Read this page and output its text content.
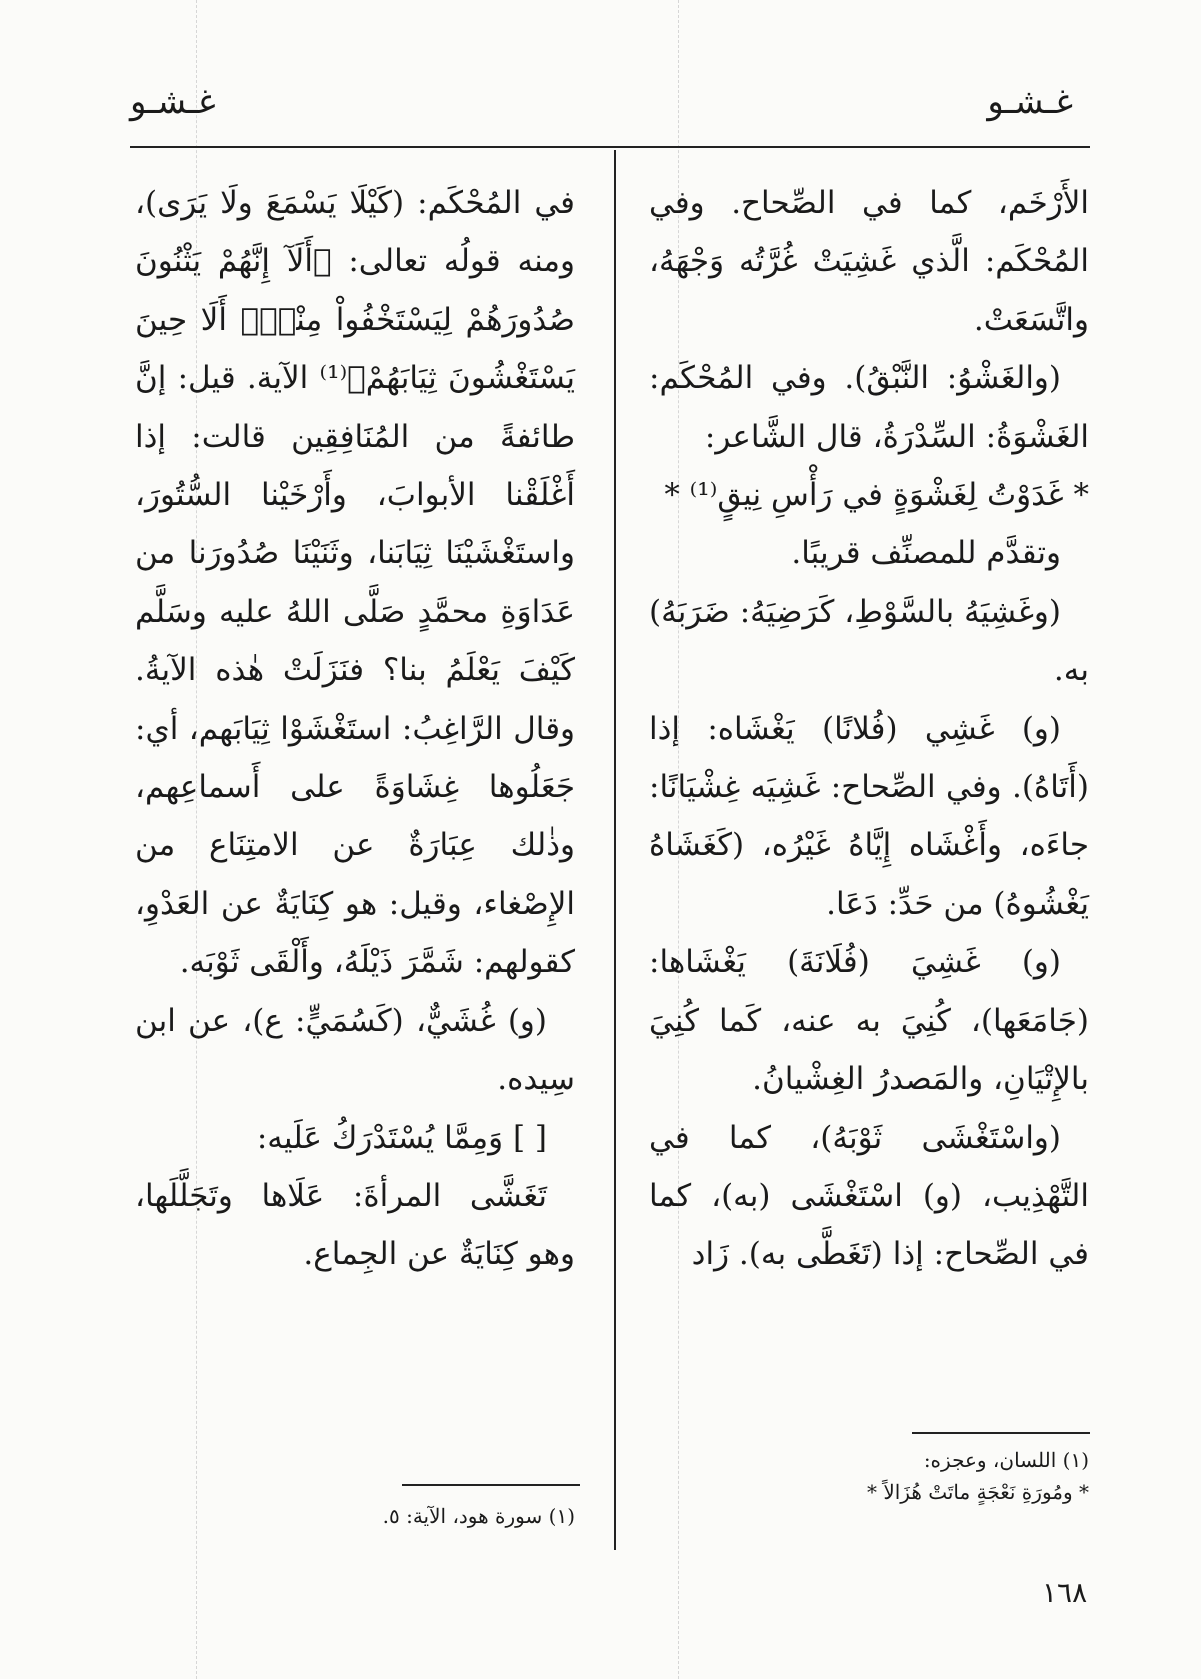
غـشـو
غـشـو

الأَرْخَم، كما في الصِّحاح. وفي المُحْكَم: الَّذي غَشِيَتْ غُرَّتُه وَجْهَهُ، واتَّسَعَتْ.

(والغَشْوُ: النَّبْقُ). وفي المُحْكَم: الغَشْوَةُ: السِّدْرَةُ، قال الشَّاعر:

* غَدَوْتُ لِغَشْوَةٍ في رَأْسِ نِيقٍ⁽¹⁾ *

وتقدَّم للمصنِّف قريبًا.

(وغَشِيَهُ بالسَّوْطِ، كَرَضِيَهُ: ضَرَبَهُ) به.

(و) غَشِي (فُلانًا) يَغْشَاه: إذا (أَتَاهُ). وفي الصِّحاح: غَشِيَه غِشْيَانًا: جاءَه، وأَغْشَاه إِيَّاهُ غَيْرُه، (كَغَشَاهُ يَغْشُوهُ) من حَدِّ: دَعَا.

(و) غَشِيَ (فُلَانَةَ) يَغْشَاها: (جَامَعَها)، كُنِيَ به عنه، كَما كُنِيَ بالإِتْيَانِ، والمَصدرُ الغِشْيانُ.

(واسْتَغْشَى ثَوْبَهُ)، كما في التَّهْذِيب، (و) اسْتَغْشَى (به)، كما في الصِّحاح: إذا (تَغَطَّى به). زَاد

في المُحْكَم: (كَيْلَا يَسْمَعَ ولَا يَرَى)، ومنه قولُه تعالى: ﴿أَلَآ إِنَّهُمْ يَثْنُونَ صُدُورَهُمْ لِيَسْتَخْفُواْ مِنْهُۚ أَلَا حِينَ يَسْتَغْشُونَ ثِيَابَهُمْ﴾⁽¹⁾ الآية. قيل: إنَّ طائفةً من المُنَافِقِين قالت: إذا أَغْلَقْنا الأبوابَ، وأَرْخَيْنا السُّتُورَ، واستَغْشَيْنَا ثِيَابَنا، وثَنَيْنَا صُدُورَنا من عَدَاوَةِ محمَّدٍ صَلَّى اللهُ عليه وسَلَّم كَيْفَ يَعْلَمُ بنا؟ فنَزَلَتْ هٰذه الآيةُ. وقال الرَّاغِبُ: استَغْشَوْا ثِيَابَهم، أي: جَعَلُوها غِشَاوَةً على أَسماعِهم، وذٰلك عِبَارَةٌ عن الامتِنَاع من الإِصْغاء، وقيل: هو كِنَايَةٌ عن العَدْوِ، كقولهم: شَمَّرَ ذَيْلَهُ، وأَلْقَى ثَوْبَه.

(و) غُشَيٌّ، (كَسُمَيٍّ: ع)، عن ابن سِيده.

[ ] وَمِمَّا يُسْتَدْرَكُ عَلَيه:

تَغَشَّى المرأةَ: عَلَاها وتَجَلَّلَها، وهو كِنَايَةٌ عن الجِماع.

(١) اللسان، وعجزه:
* ومُورَةِ نَعْجَةٍ ماتَتْ هُزَالاً *
(١) سورة هود، الآية: ٥.
١٦٨
